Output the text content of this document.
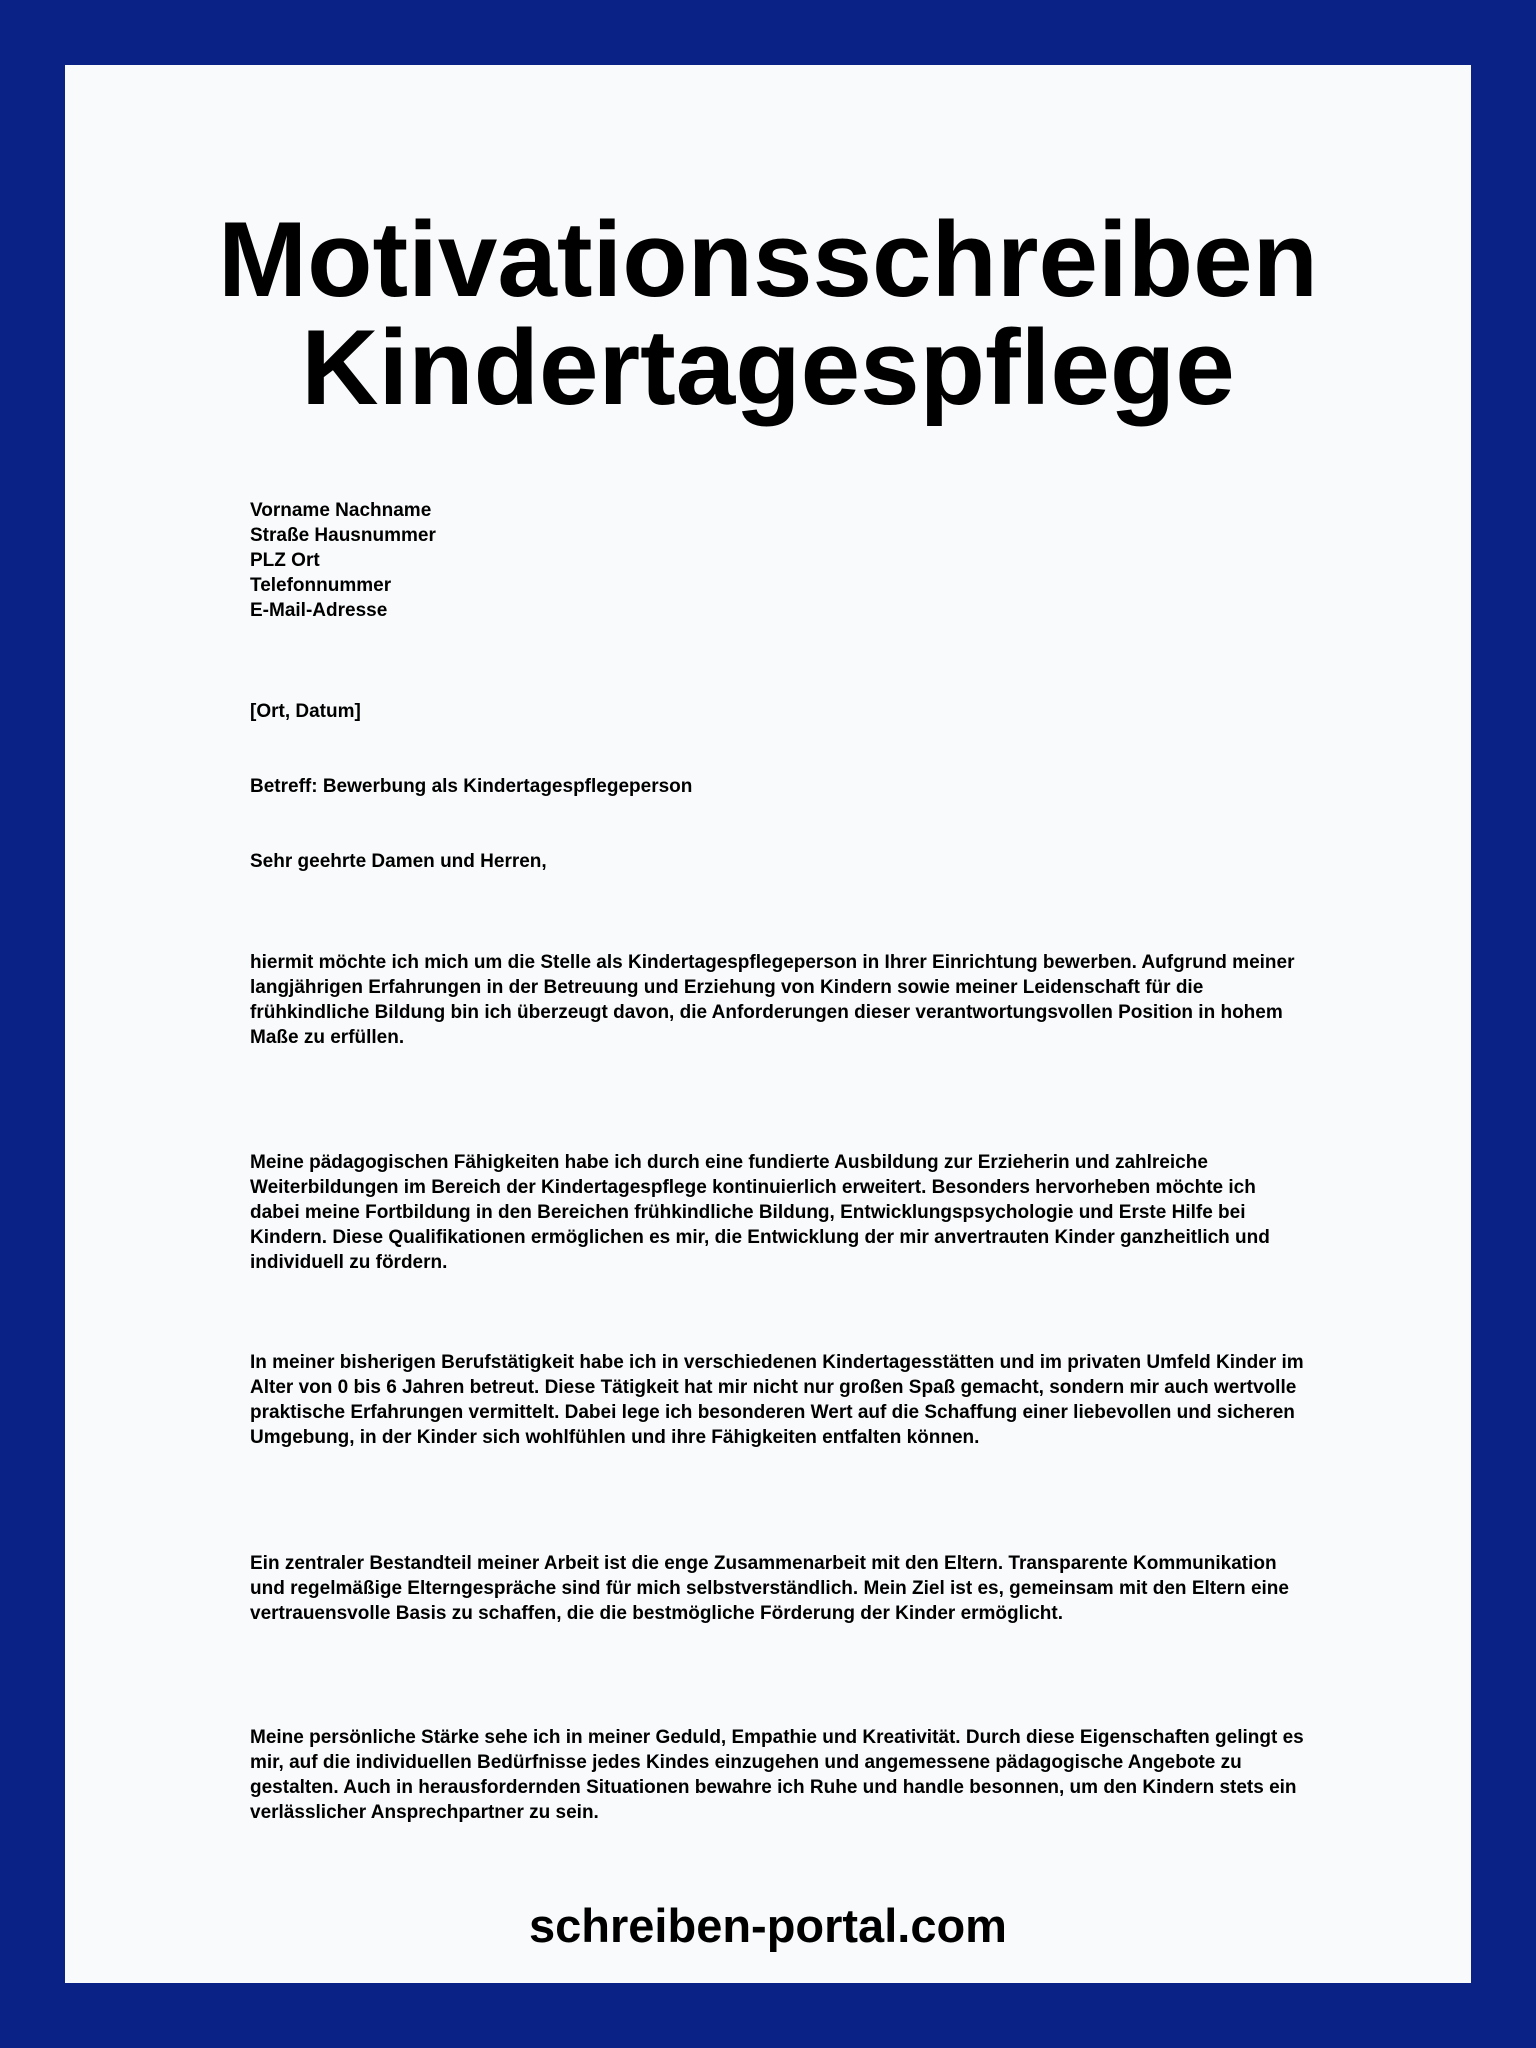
Motivationsschreiben
Kindertagespflege
Vorname Nachname
Straße Hausnummer
PLZ Ort
Telefonnummer
E-Mail-Adresse
[Ort, Datum]
Betreff: Bewerbung als Kindertagespflegeperson
Sehr geehrte Damen und Herren,
hiermit möchte ich mich um die Stelle als Kindertagespflegeperson in Ihrer Einrichtung bewerben. Aufgrund meiner langjährigen Erfahrungen in der Betreuung und Erziehung von Kindern sowie meiner Leidenschaft für die frühkindliche Bildung bin ich überzeugt davon, die Anforderungen dieser verantwortungsvollen Position in hohem Maße zu erfüllen.
Meine pädagogischen Fähigkeiten habe ich durch eine fundierte Ausbildung zur Erzieherin und zahlreiche Weiterbildungen im Bereich der Kindertagespflege kontinuierlich erweitert. Besonders hervorheben möchte ich dabei meine Fortbildung in den Bereichen frühkindliche Bildung, Entwicklungspsychologie und Erste Hilfe bei Kindern. Diese Qualifikationen ermöglichen es mir, die Entwicklung der mir anvertrauten Kinder ganzheitlich und individuell zu fördern.
In meiner bisherigen Berufstätigkeit habe ich in verschiedenen Kindertagesstätten und im privaten Umfeld Kinder im Alter von 0 bis 6 Jahren betreut. Diese Tätigkeit hat mir nicht nur großen Spaß gemacht, sondern mir auch wertvolle praktische Erfahrungen vermittelt. Dabei lege ich besonderen Wert auf die Schaffung einer liebevollen und sicheren Umgebung, in der Kinder sich wohlfühlen und ihre Fähigkeiten entfalten können.
Ein zentraler Bestandteil meiner Arbeit ist die enge Zusammenarbeit mit den Eltern. Transparente Kommunikation und regelmäßige Elterngespräche sind für mich selbstverständlich. Mein Ziel ist es, gemeinsam mit den Eltern eine vertrauensvolle Basis zu schaffen, die die bestmögliche Förderung der Kinder ermöglicht.
Meine persönliche Stärke sehe ich in meiner Geduld, Empathie und Kreativität. Durch diese Eigenschaften gelingt es mir, auf die individuellen Bedürfnisse jedes Kindes einzugehen und angemessene pädagogische Angebote zu gestalten. Auch in herausfordernden Situationen bewahre ich Ruhe und handle besonnen, um den Kindern stets ein verlässlicher Ansprechpartner zu sein.
schreiben-portal.com
